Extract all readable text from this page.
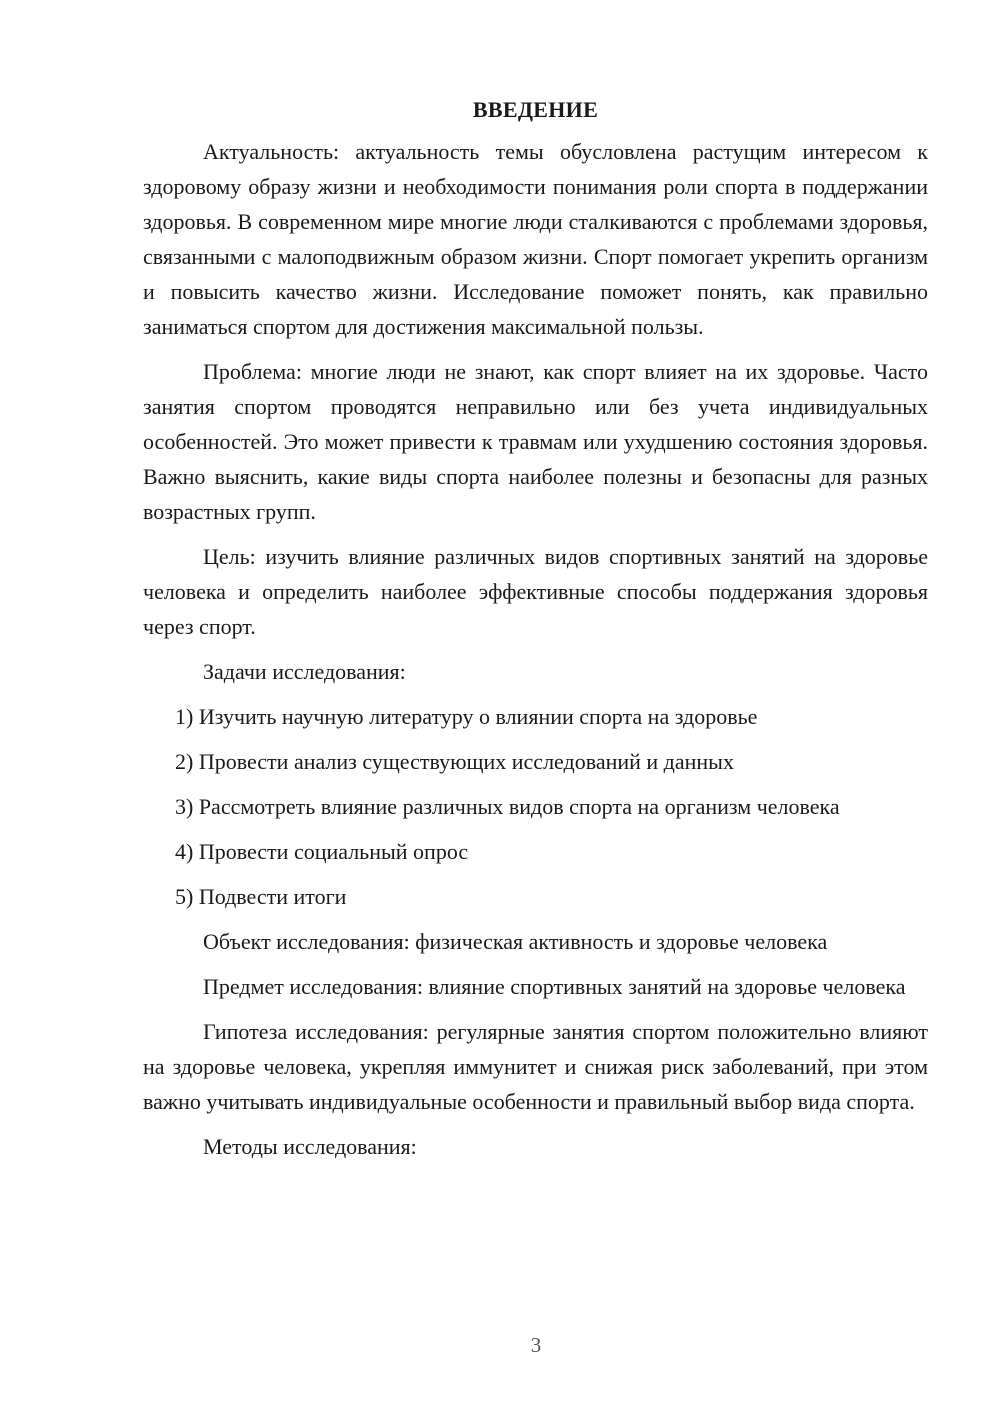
ВВЕДЕНИЕ

Актуальность: актуальность темы обусловлена растущим интересом к здоровому образу жизни и необходимости понимания роли спорта в поддержании здоровья. В современном мире многие люди сталкиваются с проблемами здоровья, связанными с малоподвижным образом жизни. Спорт помогает укрепить организм и повысить качество жизни. Исследование поможет понять, как правильно заниматься спортом для достижения максимальной пользы.

Проблема: многие люди не знают, как спорт влияет на их здоровье. Часто занятия спортом проводятся неправильно или без учета индивидуальных особенностей. Это может привести к травмам или ухудшению состояния здоровья. Важно выяснить, какие виды спорта наиболее полезны и безопасны для разных возрастных групп.

Цель: изучить влияние различных видов спортивных занятий на здоровье человека и определить наиболее эффективные способы поддержания здоровья через спорт.

Задачи исследования:

1) Изучить научную литературу о влиянии спорта на здоровье
2) Провести анализ существующих исследований и данных
3) Рассмотреть влияние различных видов спорта на организм человека
4) Провести социальный опрос
5) Подвести итоги

Объект исследования: физическая активность и здоровье человека

Предмет исследования: влияние спортивных занятий на здоровье человека

Гипотеза исследования: регулярные занятия спортом положительно влияют на здоровье человека, укрепляя иммунитет и снижая риск заболеваний, при этом важно учитывать индивидуальные особенности и правильный выбор вида спорта.

Методы исследования:

3
